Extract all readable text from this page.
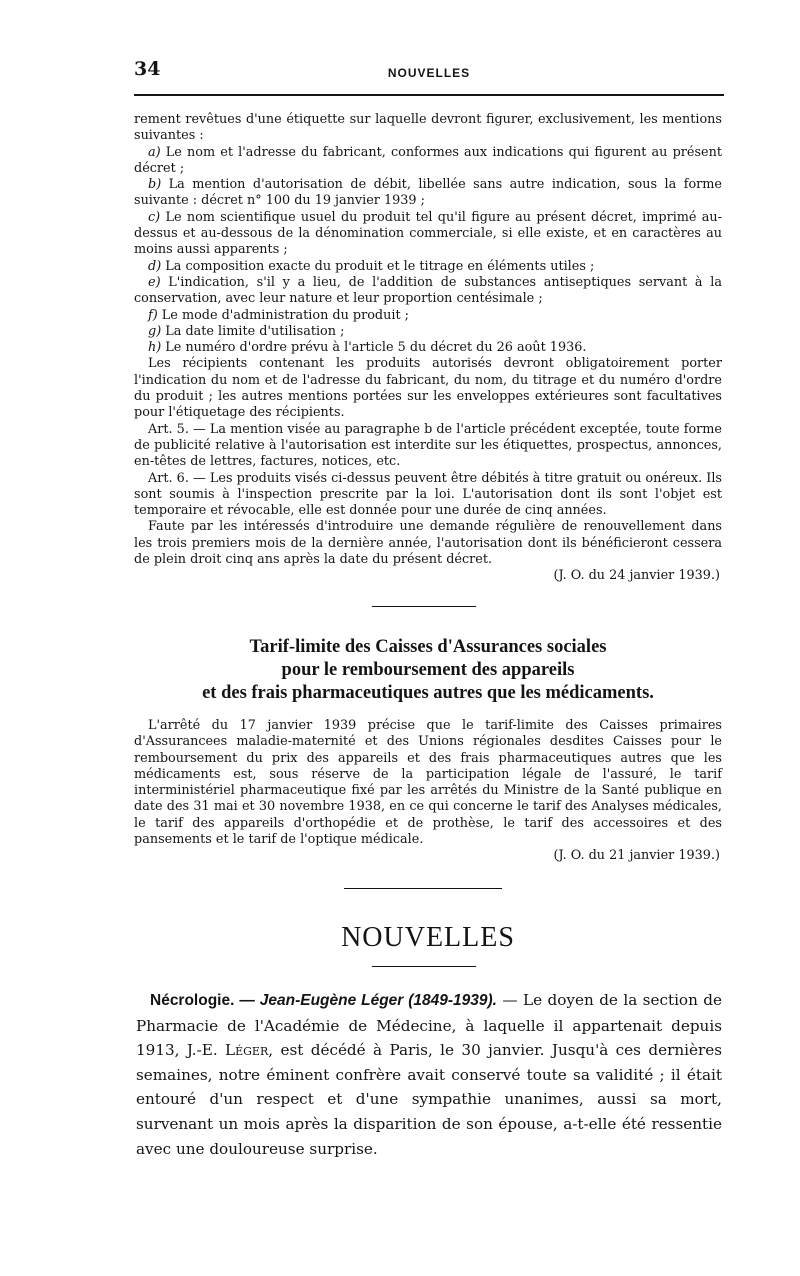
34	NOUVELLES

rement revêtues d'une étiquette sur laquelle devront figurer, exclusivement, les mentions suivantes :

a) Le nom et l'adresse du fabricant, conformes aux indications qui figurent au présent décret ;

b) La mention d'autorisation de débit, libellée sans autre indication, sous la forme suivante : décret n° 100 du 19 janvier 1939 ;

c) Le nom scientifique usuel du produit tel qu'il figure au présent décret, imprimé au-dessus et au-dessous de la dénomination commerciale, si elle existe, et en caractères au moins aussi apparents ;

d) La composition exacte du produit et le titrage en éléments utiles ;

e) L'indication, s'il y a lieu, de l'addition de substances antiseptiques servant à la conservation, avec leur nature et leur proportion centésimale ;

f) Le mode d'administration du produit ;

g) La date limite d'utilisation ;

h) Le numéro d'ordre prévu à l'article 5 du décret du 26 août 1936.

Les récipients contenant les produits autorisés devront obligatoirement porter l'indication du nom et de l'adresse du fabricant, du nom, du titrage et du numéro d'ordre du produit ; les autres mentions portées sur les enveloppes extérieures sont facultatives pour l'étiquetage des récipients.

Art. 5. — La mention visée au paragraphe b de l'article précédent exceptée, toute forme de publicité relative à l'autorisation est interdite sur les étiquettes, prospectus, annonces, en-têtes de lettres, factures, notices, etc.

Art. 6. — Les produits visés ci-dessus peuvent être débités à titre gratuit ou onéreux. Ils sont soumis à l'inspection prescrite par la loi. L'autorisation dont ils sont l'objet est temporaire et révocable, elle est donnée pour une durée de cinq années.

Faute par les intéressés d'introduire une demande régulière de renouvellement dans les trois premiers mois de la dernière année, l'autorisation dont ils bénéficieront cessera de plein droit cinq ans après la date du présent décret.

(J. O. du 24 janvier 1939.)

Tarif-limite des Caisses d'Assurances sociales
pour le remboursement des appareils
et des frais pharmaceutiques autres que les médicaments.

L'arrêté du 17 janvier 1939 précise que le tarif-limite des Caisses primaires d'Assurancees maladie-maternité et des Unions régionales desdites Caisses pour le remboursement du prix des appareils et des frais pharmaceutiques autres que les médicaments est, sous réserve de la participation légale de l'assuré, le tarif interministériel pharmaceutique fixé par les arrêtés du Ministre de la Santé publique en date des 31 mai et 30 novembre 1938, en ce qui concerne le tarif des Analyses médicales, le tarif des appareils d'orthopédie et de prothèse, le tarif des accessoires et des pansements et le tarif de l'optique médicale.

(J. O. du 21 janvier 1939.)

NOUVELLES

Nécrologie. — Jean-Eugène Léger (1849-1939). — Le doyen de la section de Pharmacie de l'Académie de Médecine, à laquelle il appartenait depuis 1913, J.-E. Léger, est décédé à Paris, le 30 janvier. Jusqu'à ces dernières semaines, notre éminent confrère avait conservé toute sa validité ; il était entouré d'un respect et d'une sympathie unanimes, aussi sa mort, survenant un mois après la disparition de son épouse, a-t-elle été ressentie avec une douloureuse surprise.
